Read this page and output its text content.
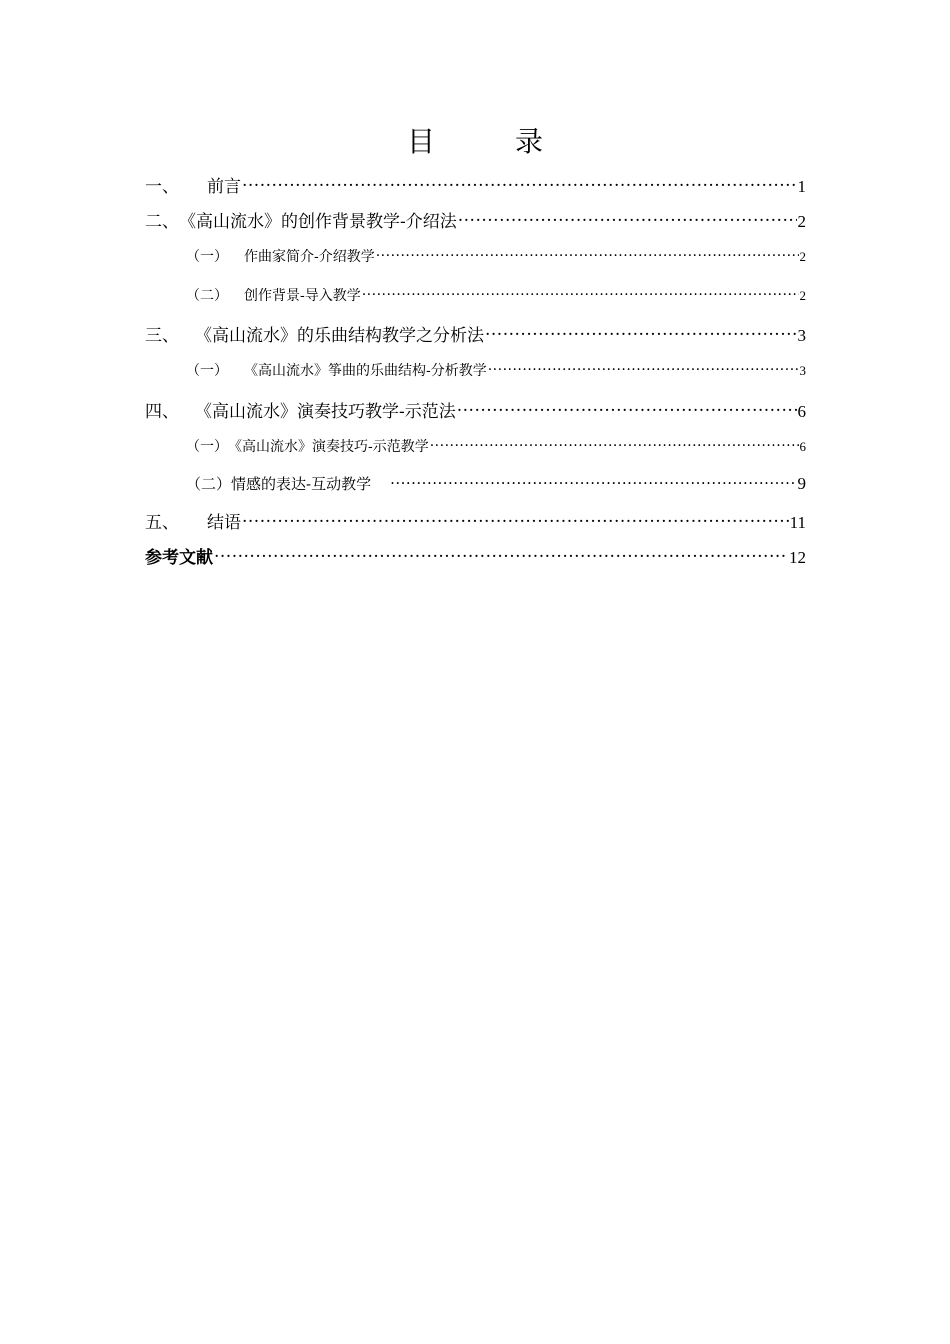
目　录
一、 前言 .....	1
二、 《高山流水》的创作背景教学-介绍法 .....	2
（一） 作曲家简介-介绍教学 .....	2
（二） 创作背景-导入教学 .....	2
三、 《高山流水》的乐曲结构教学之分析法 .....	3
（一） 《高山流水》筝曲的乐曲结构-分析教学 .....	3
四、 《高山流水》演奏技巧教学-示范法 .....	6
（一） 《高山流水》演奏技巧-示范教学 .....	6
（二）情感的表达-互动教学 .....	9
五、 结语 .....	11
参考文献 .....	12
